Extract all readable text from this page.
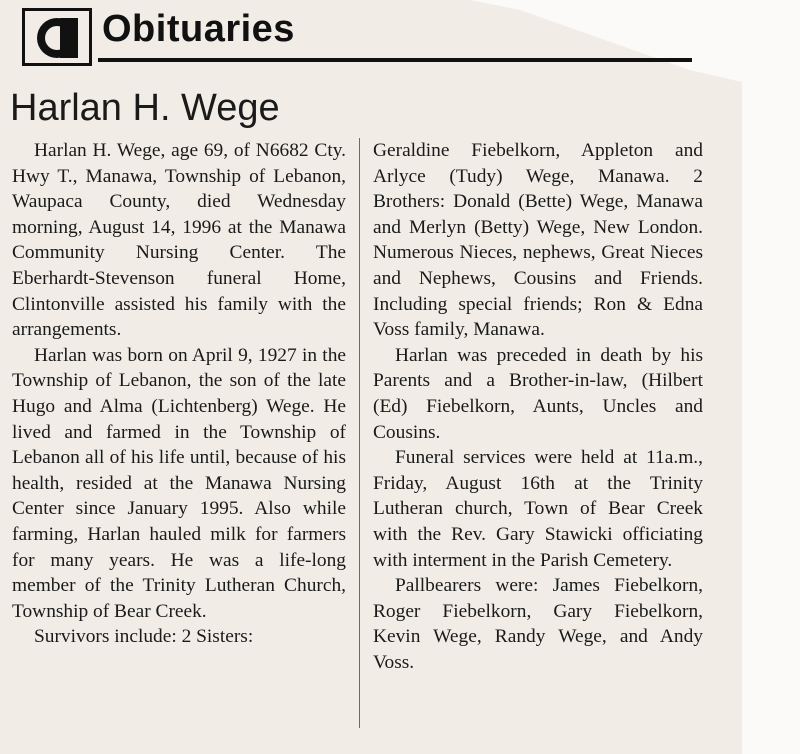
Obituaries
Harlan H. Wege

Harlan H. Wege, age 69, of N6682 Cty. Hwy T., Manawa, Township of Lebanon, Waupaca County, died Wednesday morning, August 14, 1996 at the Manawa Community Nursing Center. The Eberhardt-Stevenson funeral Home, Clintonville assisted his family with the arrangements.

Harlan was born on April 9, 1927 in the Township of Lebanon, the son of the late Hugo and Alma (Lichtenberg) Wege. He lived and farmed in the Township of Lebanon all of his life until, because of his health, resided at the Manawa Nursing Center since January 1995. Also while farming, Harlan hauled milk for farmers for many years. He was a life-long member of the Trinity Lutheran Church, Township of Bear Creek.

Survivors include: 2 Sisters:

Geraldine Fiebelkorn, Appleton and Arlyce (Tudy) Wege, Manawa. 2 Brothers: Donald (Bette) Wege, Manawa and Merlyn (Betty) Wege, New London. Numerous Nieces, nephews, Great Nieces and Nephews, Cousins and Friends. Including special friends; Ron & Edna Voss family, Manawa.

Harlan was preceded in death by his Parents and a Brother-in-law, (Hilbert (Ed) Fiebelkorn, Aunts, Uncles and Cousins.

Funeral services were held at 11a.m., Friday, August 16th at the Trinity Lutheran church, Town of Bear Creek with the Rev. Gary Stawicki officiating with interment in the Parish Cemetery.

Pallbearers were: James Fiebelkorn, Roger Fiebelkorn, Gary Fiebelkorn, Kevin Wege, Randy Wege, and Andy Voss.
